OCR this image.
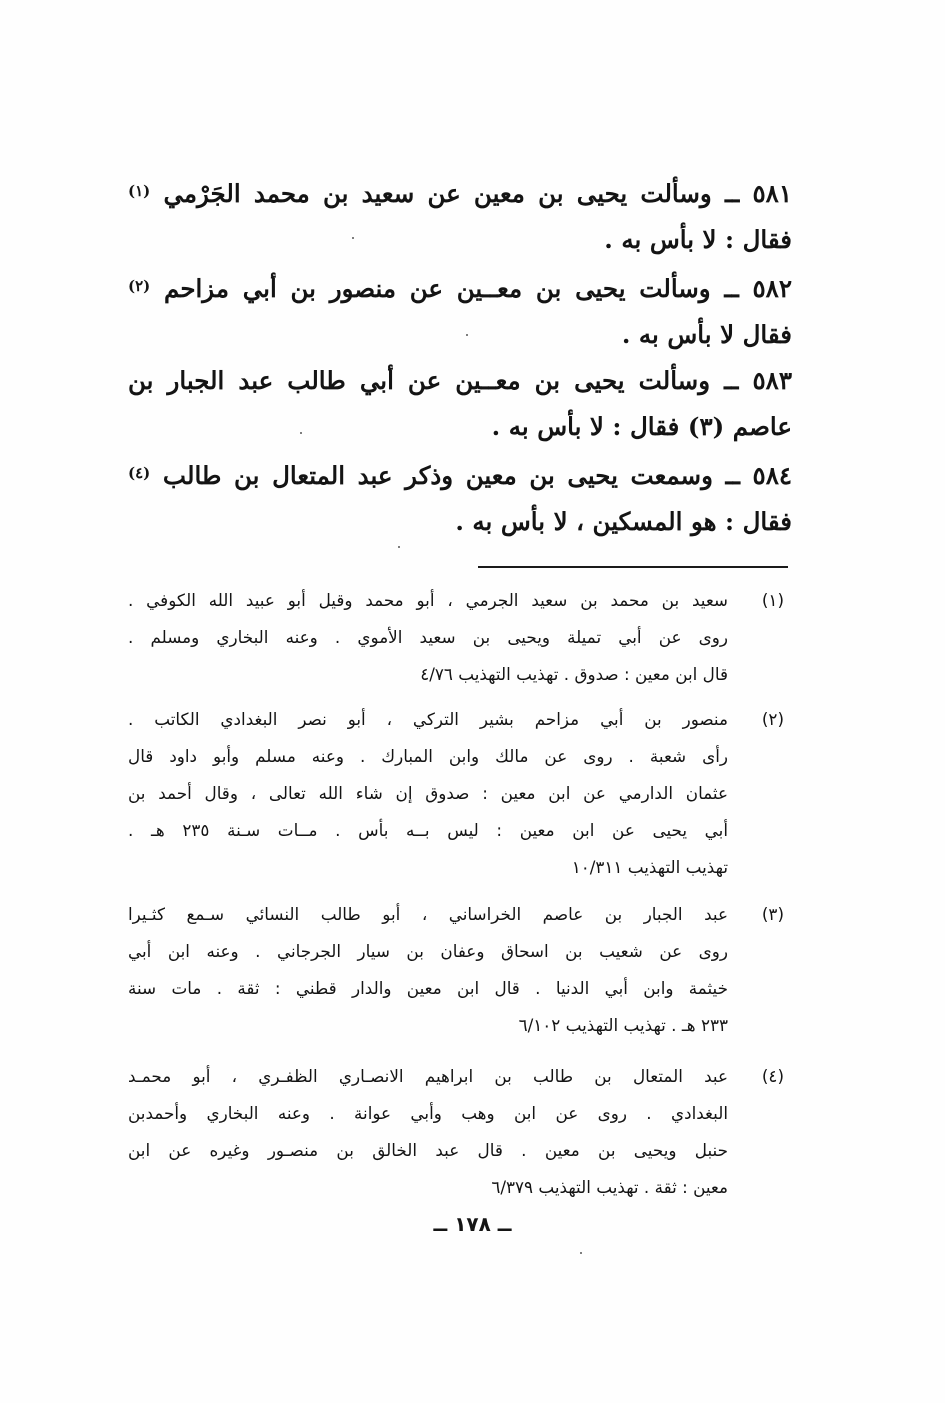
٥٨١ ــ وسألت يحيى بن معين عن سعيد بن محمد الجَرْمي $^{(١)}$
فقال : لا بأس به .
٥٨٢ ــ وسألت يحيى بن معــين عن منصور بن أبي مزاحم $^{(٢)}$
فقال لا بأس به .
٥٨٣ ــ وسألت يحيى بن معــين عن أبي طالب عبد الجبار بن
عاصم (٣) فقال : لا بأس به .
٥٨٤ ــ وسمعت يحيى بن معين وذكر عبد المتعال بن طالب $^{(٤)}$
فقال : هو المسكين ، لا بأس به .
(١)
سعيد بن محمد بن سعيد الجرمي ، أبو محمد وقيل أبو عبيد الله الكوفي .
روى عن أبي تميلة ويحيى بن سعيد الأموي . وعنه البخاري ومسلم .
قال ابن معين : صدوق . تهذيب التهذيب ٤/٧٦
(٢)
منصور بن أبي مزاحم بشير التركي ، أبو نصر البغدادي الكاتب .
رأى شعبة . روى عن مالك وابن المبارك . وعنه مسلم وأبو داود قال
عثمان الدارمي عن ابن معين : صدوق إن شاء الله تعالى ، وقال أحمد بن
أبي يحيى عن ابن معين : ليس بــه بأس . مــات سـنة ٢٣٥ هـ .
تهذيب التهذيب ١٠/٣١١
(٣)
عبد الجبار بن عاصم الخراساني ، أبو طالب النسائي سـمع كثـيرا
روى عن شعيب بن اسحاق وعفان بن سيار الجرجاني . وعنه ابن أبي
خيثمة وابن أبي الدنيا . قال ابن معين والدار قطني : ثقة . مات سنة
٢٣٣ هـ . تهذيب التهذيب ٦/١٠٢
(٤)
عبد المتعال بن طالب بن ابراهيم الانصـاري الظفـري ، أبو محمـد
البغدادي . روى عن ابن وهب وأبي عوانة . وعنه البخاري وأحمدبن
حنبل ويحيى بن معين . قال عبد الخالق بن منصـور وغيره عن ابن
معين : ثقة . تهذيب التهذيب ٦/٣٧٩
ــ ١٧٨ ــ
